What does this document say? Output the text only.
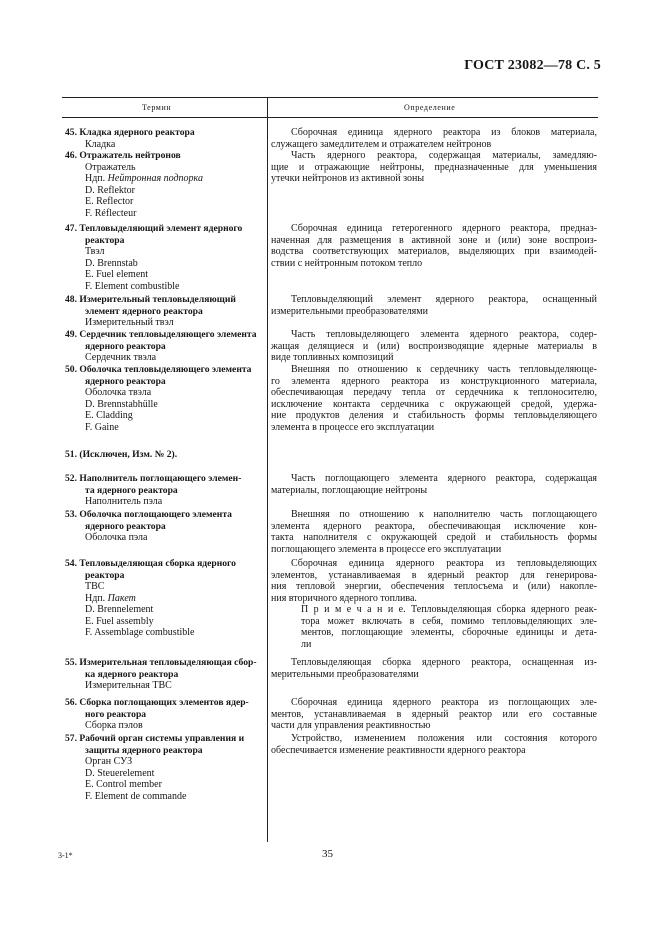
ГОСТ 23082—78 С. 5
Термин	Определение
45. Кладка ядерного реактора
Кладка
Сборочная единица ядерного реактора из блоков материала,
служащего замедлителем и отражателем нейтронов
46. Отражатель нейтронов
Отражатель
Ндп. Нейтронная подпорка
D. Reflektor
E. Reflector
F. Réflecteur
Часть ядерного реактора, содержащая материалы, замедляю-
щие и отражающие нейтроны, предназначенные для уменьшения
утечки нейтронов из активной зоны
47. Тепловыделяющий элемент ядерного
реактора
Твэл
D. Brennstab
E. Fuel element
F. Element combustible
Сборочная единица гетерогенного ядерного реактора, предназ-
наченная для размещения в активной зоне и (или) зоне воспроиз-
водства соответствующих материалов, выделяющих при взаимодей-
ствии с нейтронным потоком тепло
48. Измерительный тепловыделяющий
элемент ядерного реактора
Измерительный твэл
Тепловыделяющий элемент ядерного реактора, оснащенный
измерительными преобразователями
49. Сердечник тепловыделяющего элемента
ядерного реактора
Сердечник твэла
Часть тепловыделяющего элемента ядерного реактора, содер-
жащая делящиеся и (или) воспроизводящие ядерные материалы в
виде топливных композиций
50. Оболочка тепловыделяющего элемента
ядерного реактора
Оболочка твэла
D. Brennstabhülle
E. Cladding
F. Gaine
Внешняя по отношению к сердечнику часть тепловыделяюще-
го элемента ядерного реактора из конструкционного материала,
обеспечивающая передачу тепла от сердечника к теплоносителю,
исключение контакта сердечника с окружающей средой, удержа-
ние продуктов деления и стабильность формы тепловыделяющего
элемента в процессе его эксплуатации
51. (Исключен, Изм. № 2).
52. Наполнитель поглощающего элемен-
та ядерного реактора
Наполнитель пэла
Часть поглощающего элемента ядерного реактора, содержащая
материалы, поглощающие нейтроны
53. Оболочка поглощающего элемента
ядерного реактора
Оболочка пэла
Внешняя по отношению к наполнителю часть поглощающего
элемента ядерного реактора, обеспечивающая исключение кон-
такта наполнителя с окружающей средой и стабильность формы
поглощающего элемента в процессе его эксплуатации
54. Тепловыделяющая сборка ядерного
реактора
ТВС
Ндп. Пакет
D. Brennelement
E. Fuel assembly
F. Assemblage combustible
Сборочная единица ядерного реактора из тепловыделяющих
элементов, устанавливаемая в ядерный реактор для генерирова-
ния тепловой энергии, обеспечения теплосъема и (или) накопле-
ния вторичного ядерного топлива.
П р и м е ч а н и е. Тепловыделяющая сборка ядерного реак-
тора может включать в себя, помимо тепловыделяющих эле-
ментов, поглощающие элементы, сборочные единицы и дета-
ли
55. Измерительная тепловыделяющая сбор-
ка ядерного реактора
Измерительная ТВС
Тепловыделяющая сборка ядерного реактора, оснащенная из-
мерительными преобразователями
56. Сборка поглощающих элементов ядер-
ного реактора
Сборка пэлов
Сборочная единица ядерного реактора из поглощающих эле-
ментов, устанавливаемая в ядерный реактор или его составные
части для управления реактивностью
57. Рабочий орган системы управления и
защиты ядерного реактора
Орган СУЗ
D. Steuerelement
E. Control member
F. Element de commande
Устройство, изменением положения или состояния которого
обеспечивается изменение реактивности ядерного реактора
3-1*	35
